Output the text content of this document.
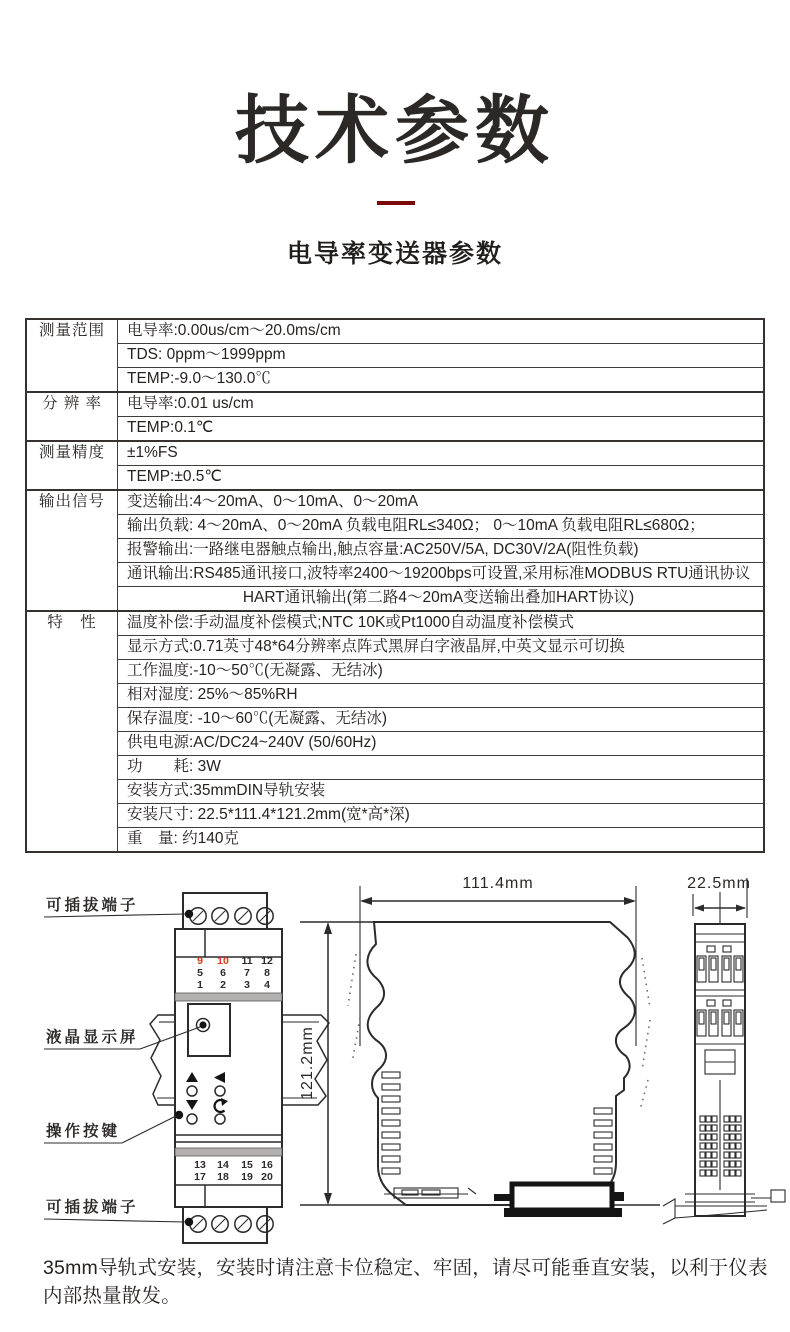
技术参数
电导率变送器参数
测量范围	电导率:0.00us/cm～20.0ms/cm
	TDS: 0ppm～1999ppm
	TEMP:-9.0～130.0℃
分 辨 率	电导率:0.01 us/cm
	TEMP:0.1℃
测量精度	±1%FS
	TEMP:±0.5℃
输出信号	变送输出:4～20mA、0～10mA、0～20mA
	输出负载: 4～20mA、0～20mA 负载电阻RL≤340Ω； 0～10mA 负载电阻RL≤680Ω；
	报警输出:一路继电器触点输出,触点容量:AC250V/5A, DC30V/2A(阻性负载)
	通讯输出:RS485通讯接口,波特率2400～19200bps可设置,采用标准MODBUS RTU通讯协议
	HART通讯输出(第二路4～20mA变送输出叠加HART协议)
特　性	温度补偿:手动温度补偿模式;NTC 10K或Pt1000自动温度补偿模式
	显示方式:0.71英寸48*64分辨率点阵式黑屏白字液晶屏,中英文显示可切换
	工作温度:-10～50℃(无凝露、无结冰)
	相对湿度: 25%～85%RH
	保存温度: -10～60℃(无凝露、无结冰)
	供电电源:AC/DC24~240V (50/60Hz)
	功　　耗: 3W
	安装方式:35mmDIN导轨安装
	安装尺寸: 22.5*111.4*121.2mm(宽*高*深)
	重　量: 约140克
9 10 11 12
5 6 7 8
1 2 3 4
13 14 15 16
17 18 19 20
可插拔端子
液晶显示屏
操作按键
可插拔端子
111.4mm
121.2mm
22.5mm
35mm导轨式安装，安装时请注意卡位稳定、牢固，请尽可能垂直安装，以利于仪表内部热量散发。
